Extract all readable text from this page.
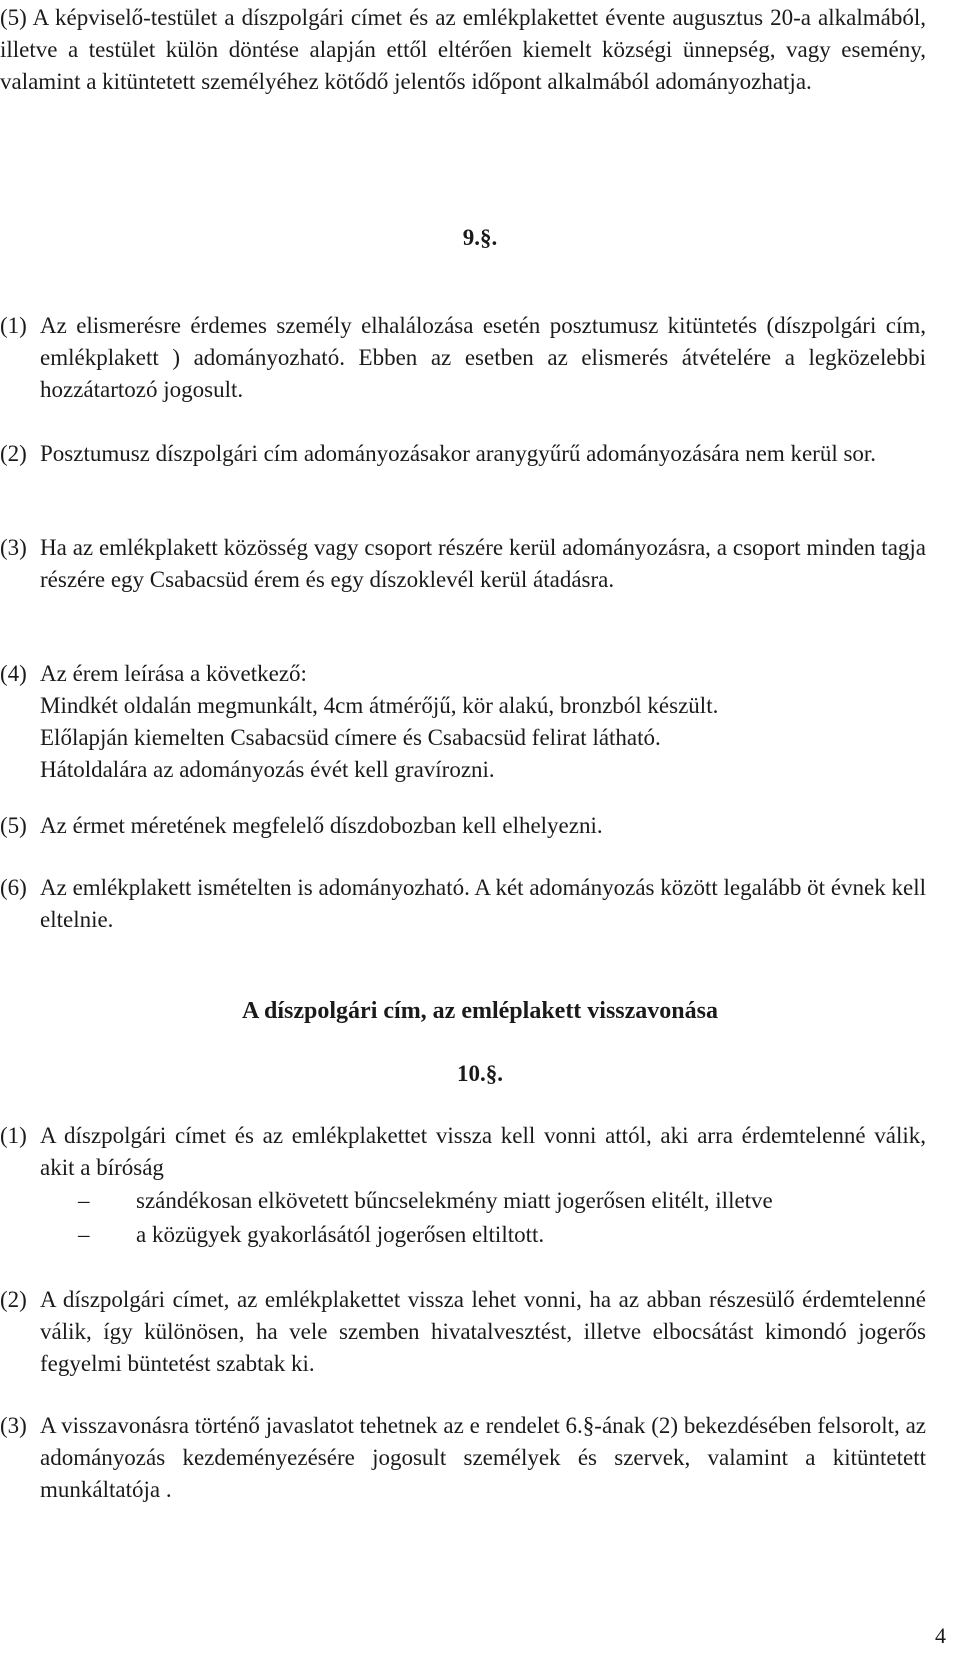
(5) A képviselő-testület a díszpolgári címet és az emlékplakettet évente augusztus 20-a alkalmából, illetve a testület külön döntése alapján ettől eltérően kiemelt községi ünnepség, vagy esemény, valamint a kitüntetett személyéhez kötődő jelentős időpont alkalmából adományozhatja.
9.§.
(1) Az elismerésre érdemes személy elhalálozása esetén posztumusz kitüntetés (díszpolgári cím, emlékplakett ) adományozható. Ebben az esetben az elismerés átvételére a legközelebbi hozzátartozó jogosult.
(2) Posztumusz díszpolgári cím adományozásakor aranygyűrű adományozására nem kerül sor.
(3) Ha az emlékplakett közösség vagy csoport részére kerül adományozásra, a csoport minden tagja részére egy Csabacsüd érem és egy díszoklevél kerül átadásra.
(4) Az érem leírása a következő:
Mindkét oldalán megmunkált, 4cm átmérőjű, kör alakú, bronzból készült.
Előlapján kiemelten Csabacsüd címere és Csabacsüd felirat látható.
Hátoldalára az adományozás évét kell gravírozni.
(5) Az érmet méretének megfelelő díszdobozban kell elhelyezni.
(6) Az emlékplakett ismételten is adományozható. A két adományozás között legalább öt évnek kell eltelnie.
A díszpolgári cím, az emléplakett visszavonása
10.§.
(1) A díszpolgári címet és az emlékplakettet vissza kell vonni attól, aki arra érdemtelenné válik, akit a bíróság
– szándékosan elkövetett bűncselekmény miatt jogerősen elitélt, illetve
– a közügyek gyakorlásától jogerősen eltiltott.
(2) A díszpolgári címet, az emlékplakettet vissza lehet vonni, ha az abban részesülő érdemtelenné válik, így különösen, ha vele szemben hivatalvesztést, illetve elbocsátást kimondó jogerős fegyelmi büntetést szabtak ki.
(3) A visszavonásra történő javaslatot tehetnek az e rendelet 6.§-ának (2) bekezdésében felsorolt, az adományozás kezdeményezésére jogosult személyek és szervek, valamint a kitüntetett munkáltatója .
4
